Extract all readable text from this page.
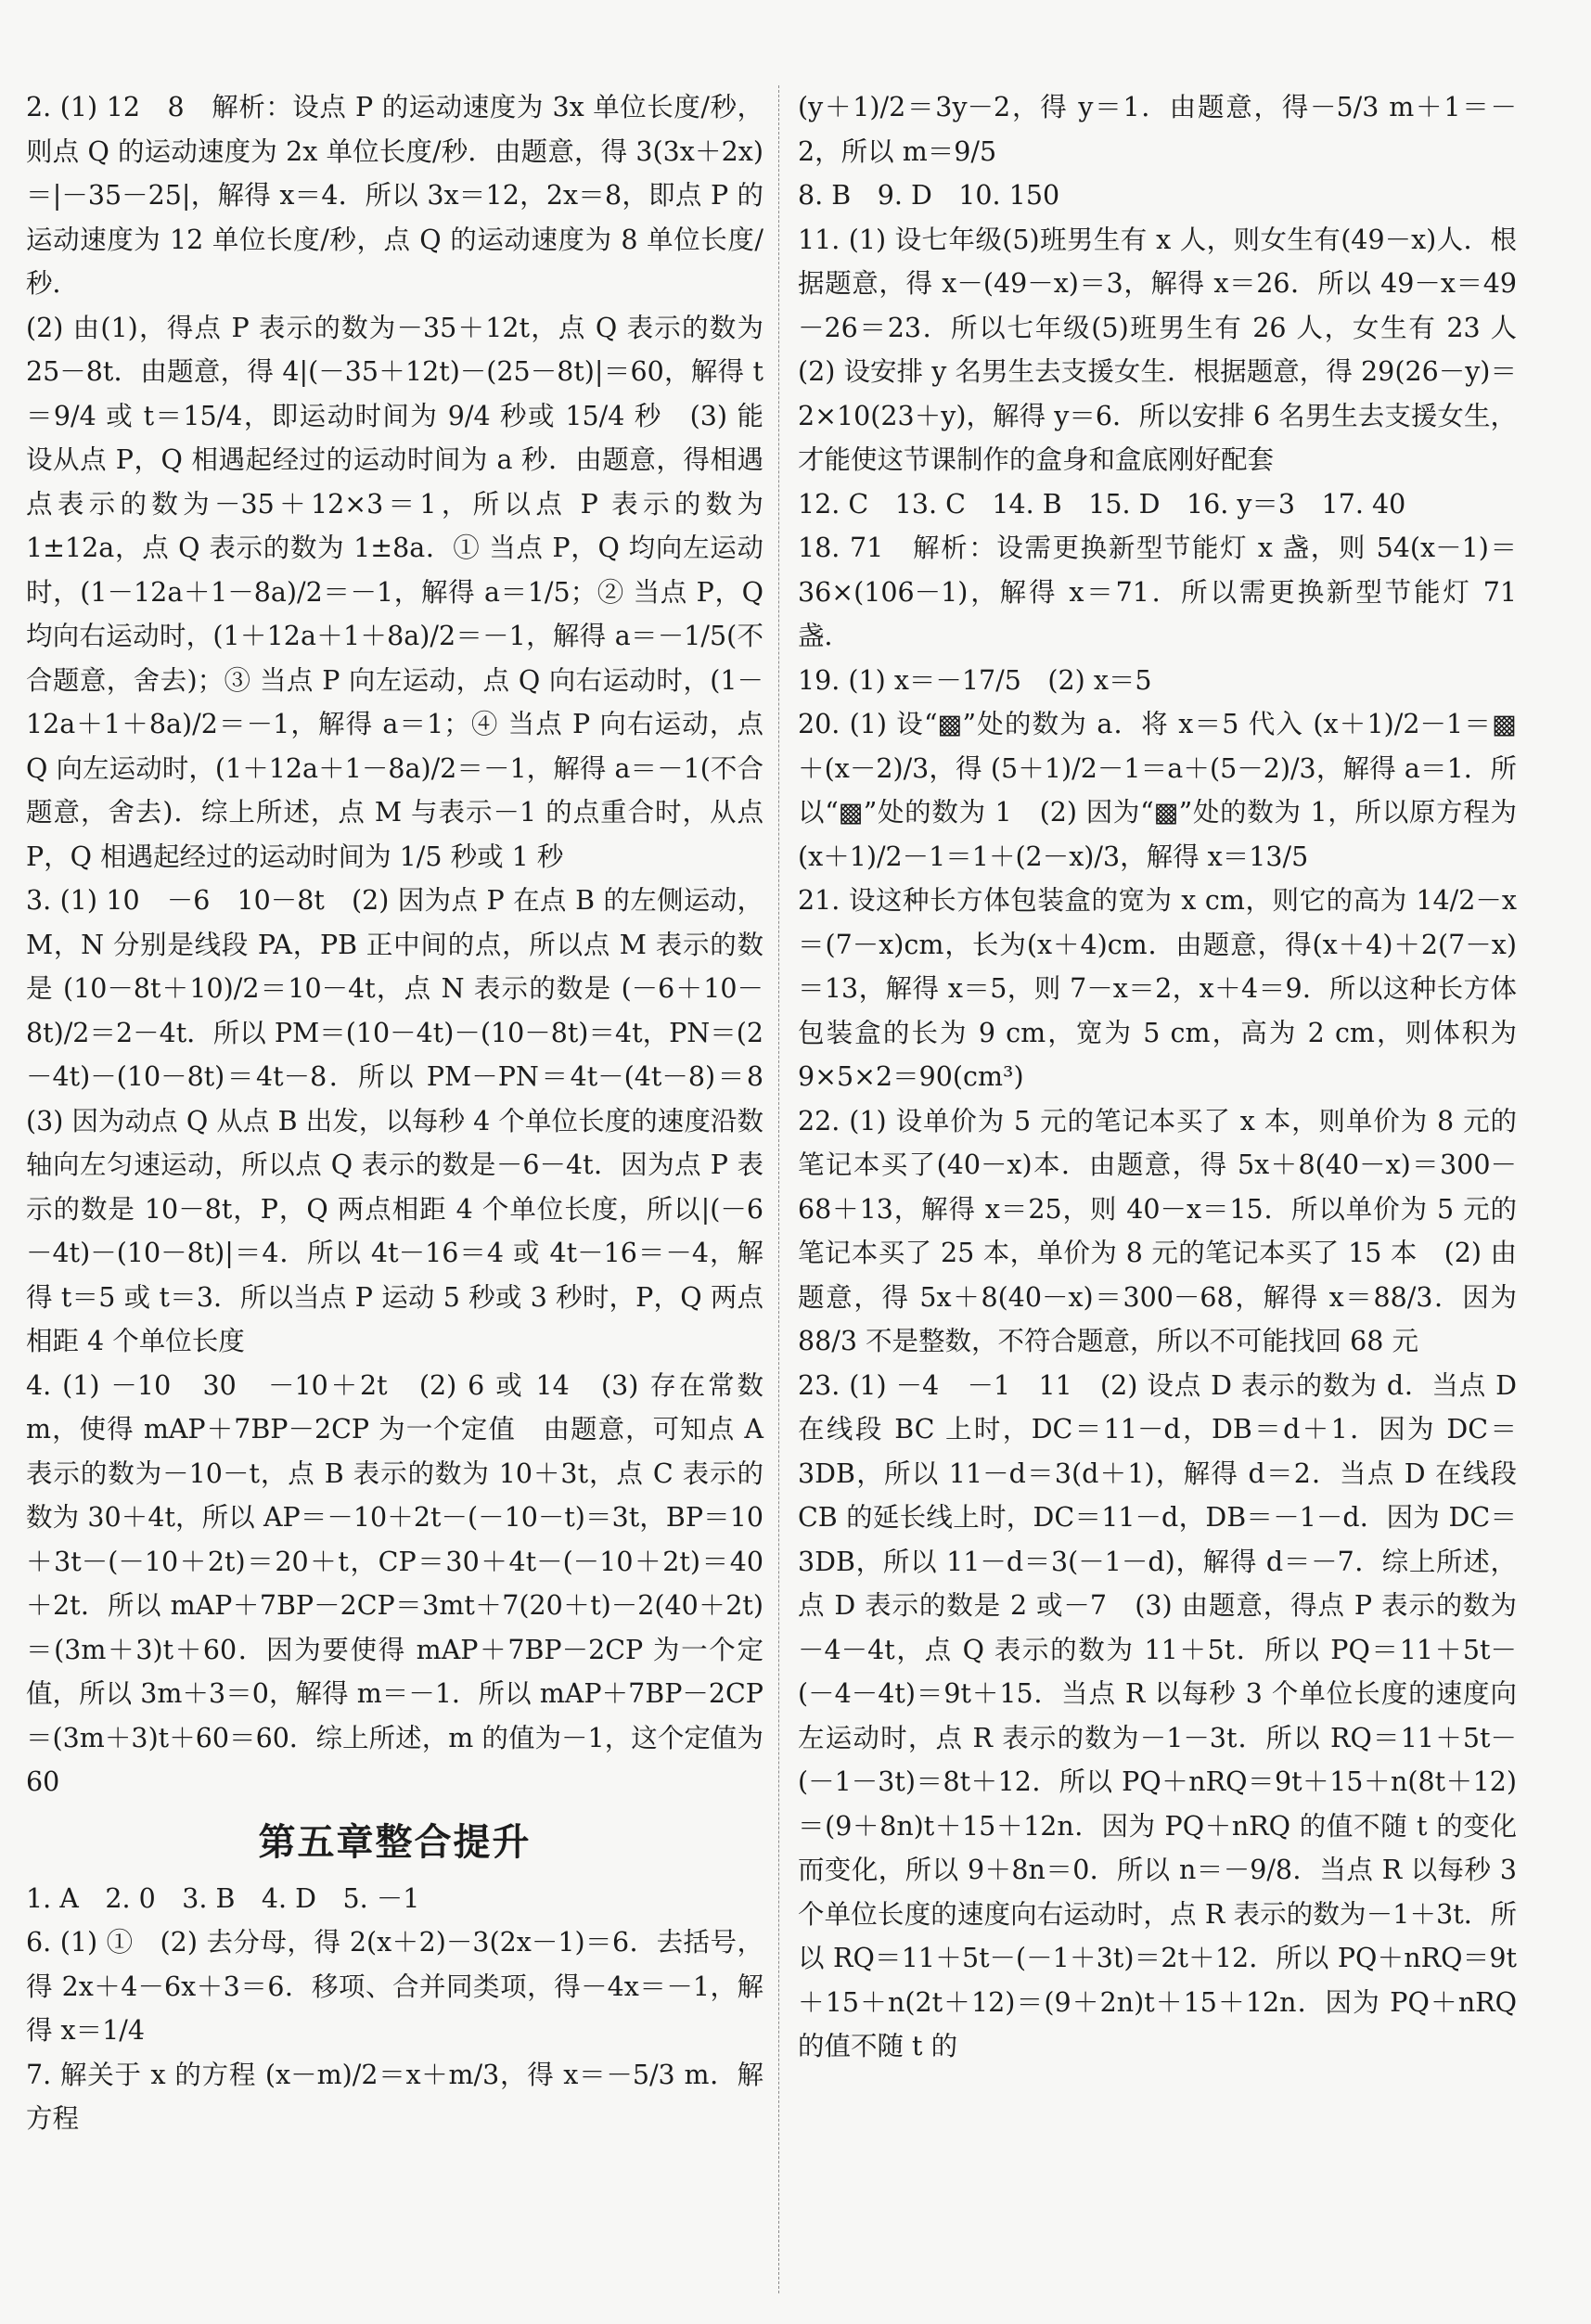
2. (1) 12　8　解析：设点 P 的运动速度为 3x 单位长度/秒，则点 Q 的运动速度为 2x 单位长度/秒．由题意，得 3(3x＋2x)＝|－35－25|，解得 x＝4．所以 3x＝12，2x＝8，即点 P 的运动速度为 12 单位长度/秒，点 Q 的运动速度为 8 单位长度/秒．

(2) 由(1)，得点 P 表示的数为－35＋12t，点 Q 表示的数为 25－8t．由题意，得 4|(－35＋12t)－(25－8t)|＝60，解得 t＝9/4 或 t＝15/4，即运动时间为 9/4 秒或 15/4 秒　(3) 能　设从点 P，Q 相遇起经过的运动时间为 a 秒．由题意，得相遇点表示的数为－35＋12×3＝1，所以点 P 表示的数为 1±12a，点 Q 表示的数为 1±8a．① 当点 P，Q 均向左运动时，(1－12a＋1－8a)/2＝－1，解得 a＝1/5；② 当点 P，Q 均向右运动时，(1＋12a＋1＋8a)/2＝－1，解得 a＝－1/5(不合题意，舍去)；③ 当点 P 向左运动，点 Q 向右运动时，(1－12a＋1＋8a)/2＝－1，解得 a＝1；④ 当点 P 向右运动，点 Q 向左运动时，(1＋12a＋1－8a)/2＝－1，解得 a＝－1(不合题意，舍去)．综上所述，点 M 与表示－1 的点重合时，从点 P，Q 相遇起经过的运动时间为 1/5 秒或 1 秒

3. (1) 10　－6　10－8t　(2) 因为点 P 在点 B 的左侧运动，M，N 分别是线段 PA，PB 正中间的点，所以点 M 表示的数是 (10－8t＋10)/2＝10－4t，点 N 表示的数是 (－6＋10－8t)/2＝2－4t．所以 PM＝(10－4t)－(10－8t)＝4t，PN＝(2－4t)－(10－8t)＝4t－8．所以 PM－PN＝4t－(4t－8)＝8　(3) 因为动点 Q 从点 B 出发，以每秒 4 个单位长度的速度沿数轴向左匀速运动，所以点 Q 表示的数是－6－4t．因为点 P 表示的数是 10－8t，P，Q 两点相距 4 个单位长度，所以|(－6－4t)－(10－8t)|＝4．所以 4t－16＝4 或 4t－16＝－4，解得 t＝5 或 t＝3．所以当点 P 运动 5 秒或 3 秒时，P，Q 两点相距 4 个单位长度

4. (1) －10　30　－10＋2t　(2) 6 或 14　(3) 存在常数 m，使得 mAP＋7BP－2CP 为一个定值　由题意，可知点 A 表示的数为－10－t，点 B 表示的数为 10＋3t，点 C 表示的数为 30＋4t，所以 AP＝－10＋2t－(－10－t)＝3t，BP＝10＋3t－(－10＋2t)＝20＋t，CP＝30＋4t－(－10＋2t)＝40＋2t．所以 mAP＋7BP－2CP＝3mt＋7(20＋t)－2(40＋2t)＝(3m＋3)t＋60．因为要使得 mAP＋7BP－2CP 为一个定值，所以 3m＋3＝0，解得 m＝－1．所以 mAP＋7BP－2CP＝(3m＋3)t＋60＝60．综上所述，m 的值为－1，这个定值为 60

第五章整合提升

1. A　2. 0　3. B　4. D　5. －1

6. (1) ①　(2) 去分母，得 2(x＋2)－3(2x－1)＝6．去括号，得 2x＋4－6x＋3＝6．移项、合并同类项，得－4x＝－1，解得 x＝1/4

7. 解关于 x 的方程 (x－m)/2＝x＋m/3，得 x＝－5/3 m．解方程

(y＋1)/2＝3y－2，得 y＝1．由题意，得－5/3 m＋1＝－2，所以 m＝9/5

8. B　9. D　10. 150

11. (1) 设七年级(5)班男生有 x 人，则女生有(49－x)人．根据题意，得 x－(49－x)＝3，解得 x＝26．所以 49－x＝49－26＝23．所以七年级(5)班男生有 26 人，女生有 23 人　(2) 设安排 y 名男生去支援女生．根据题意，得 29(26－y)＝2×10(23＋y)，解得 y＝6．所以安排 6 名男生去支援女生，才能使这节课制作的盒身和盒底刚好配套

12. C　13. C　14. B　15. D　16. y＝3　17. 40

18. 71　解析：设需更换新型节能灯 x 盏，则 54(x－1)＝36×(106－1)，解得 x＝71．所以需更换新型节能灯 71 盏．

19. (1) x＝－17/5　(2) x＝5

20. (1) 设“▩”处的数为 a．将 x＝5 代入 (x＋1)/2－1＝▩＋(x－2)/3，得 (5＋1)/2－1＝a＋(5－2)/3，解得 a＝1．所以“▩”处的数为 1　(2) 因为“▩”处的数为 1，所以原方程为 (x＋1)/2－1＝1＋(2－x)/3，解得 x＝13/5

21. 设这种长方体包装盒的宽为 x cm，则它的高为 14/2－x＝(7－x)cm，长为(x＋4)cm．由题意，得(x＋4)＋2(7－x)＝13，解得 x＝5，则 7－x＝2，x＋4＝9．所以这种长方体包装盒的长为 9 cm，宽为 5 cm，高为 2 cm，则体积为 9×5×2＝90(cm³)

22. (1) 设单价为 5 元的笔记本买了 x 本，则单价为 8 元的笔记本买了(40－x)本．由题意，得 5x＋8(40－x)＝300－68＋13，解得 x＝25，则 40－x＝15．所以单价为 5 元的笔记本买了 25 本，单价为 8 元的笔记本买了 15 本　(2) 由题意，得 5x＋8(40－x)＝300－68，解得 x＝88/3．因为 88/3 不是整数，不符合题意，所以不可能找回 68 元

23. (1) －4　－1　11　(2) 设点 D 表示的数为 d．当点 D 在线段 BC 上时，DC＝11－d，DB＝d＋1．因为 DC＝3DB，所以 11－d＝3(d＋1)，解得 d＝2．当点 D 在线段 CB 的延长线上时，DC＝11－d，DB＝－1－d．因为 DC＝3DB，所以 11－d＝3(－1－d)，解得 d＝－7．综上所述，点 D 表示的数是 2 或－7　(3) 由题意，得点 P 表示的数为－4－4t，点 Q 表示的数为 11＋5t．所以 PQ＝11＋5t－(－4－4t)＝9t＋15．当点 R 以每秒 3 个单位长度的速度向左运动时，点 R 表示的数为－1－3t．所以 RQ＝11＋5t－(－1－3t)＝8t＋12．所以 PQ＋nRQ＝9t＋15＋n(8t＋12)＝(9＋8n)t＋15＋12n．因为 PQ＋nRQ 的值不随 t 的变化而变化，所以 9＋8n＝0．所以 n＝－9/8．当点 R 以每秒 3 个单位长度的速度向右运动时，点 R 表示的数为－1＋3t．所以 RQ＝11＋5t－(－1＋3t)＝2t＋12．所以 PQ＋nRQ＝9t＋15＋n(2t＋12)＝(9＋2n)t＋15＋12n．因为 PQ＋nRQ 的值不随 t 的
